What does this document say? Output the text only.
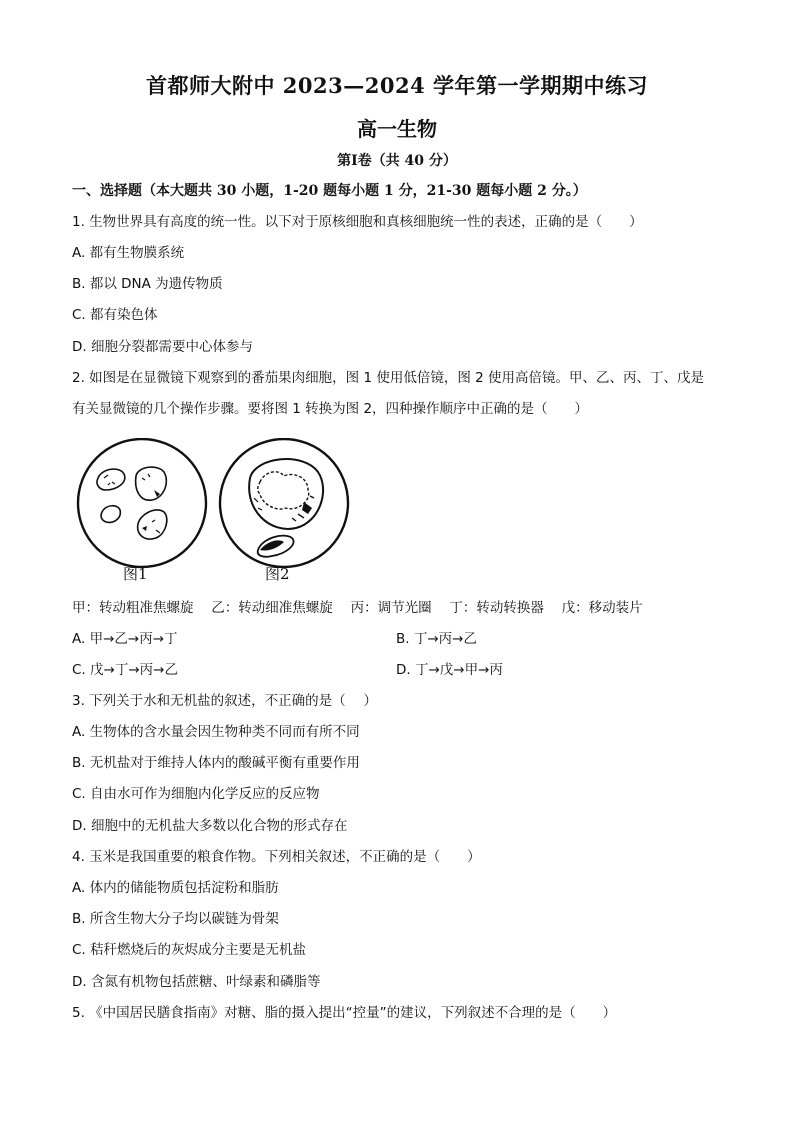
首都师大附中 2023—2024 学年第一学期期中练习
高一生物
第Ⅰ卷（共 40 分）
一、选择题（本大题共 30 小题，1-20 题每小题 1 分，21-30 题每小题 2 分。）
1. 生物世界具有高度的统一性。以下对于原核细胞和真核细胞统一性的表述，正确的是（　　）
A. 都有生物膜系统
B. 都以 DNA 为遗传物质
C. 都有染色体
D. 细胞分裂都需要中心体参与
2. 如图是在显微镜下观察到的番茄果肉细胞，图 1 使用低倍镜，图 2 使用高倍镜。甲、乙、丙、丁、戊是
有关显微镜的几个操作步骤。要将图 1 转换为图 2，四种操作顺序中正确的是（　　）
图1	图2
甲：转动粗准焦螺旋　 乙：转动细准焦螺旋　 丙：调节光圈　 丁：转动转换器　 戊：移动装片
A. 甲→乙→丙→丁	B. 丁→丙→乙
C. 戊→丁→丙→乙	D. 丁→戊→甲→丙
3. 下列关于水和无机盐的叙述，不正确的是（　 ）
A. 生物体的含水量会因生物种类不同而有所不同
B. 无机盐对于维持人体内的酸碱平衡有重要作用
C. 自由水可作为细胞内化学反应的反应物
D. 细胞中的无机盐大多数以化合物的形式存在
4. 玉米是我国重要的粮食作物。下列相关叙述，不正确的是（　　）
A. 体内的储能物质包括淀粉和脂肪
B. 所含生物大分子均以碳链为骨架
C. 秸秆燃烧后的灰烬成分主要是无机盐
D. 含氮有机物包括蔗糖、叶绿素和磷脂等
5. 《中国居民膳食指南》对糖、脂的摄入提出“控量”的建议，下列叙述不合理的是（　　）
